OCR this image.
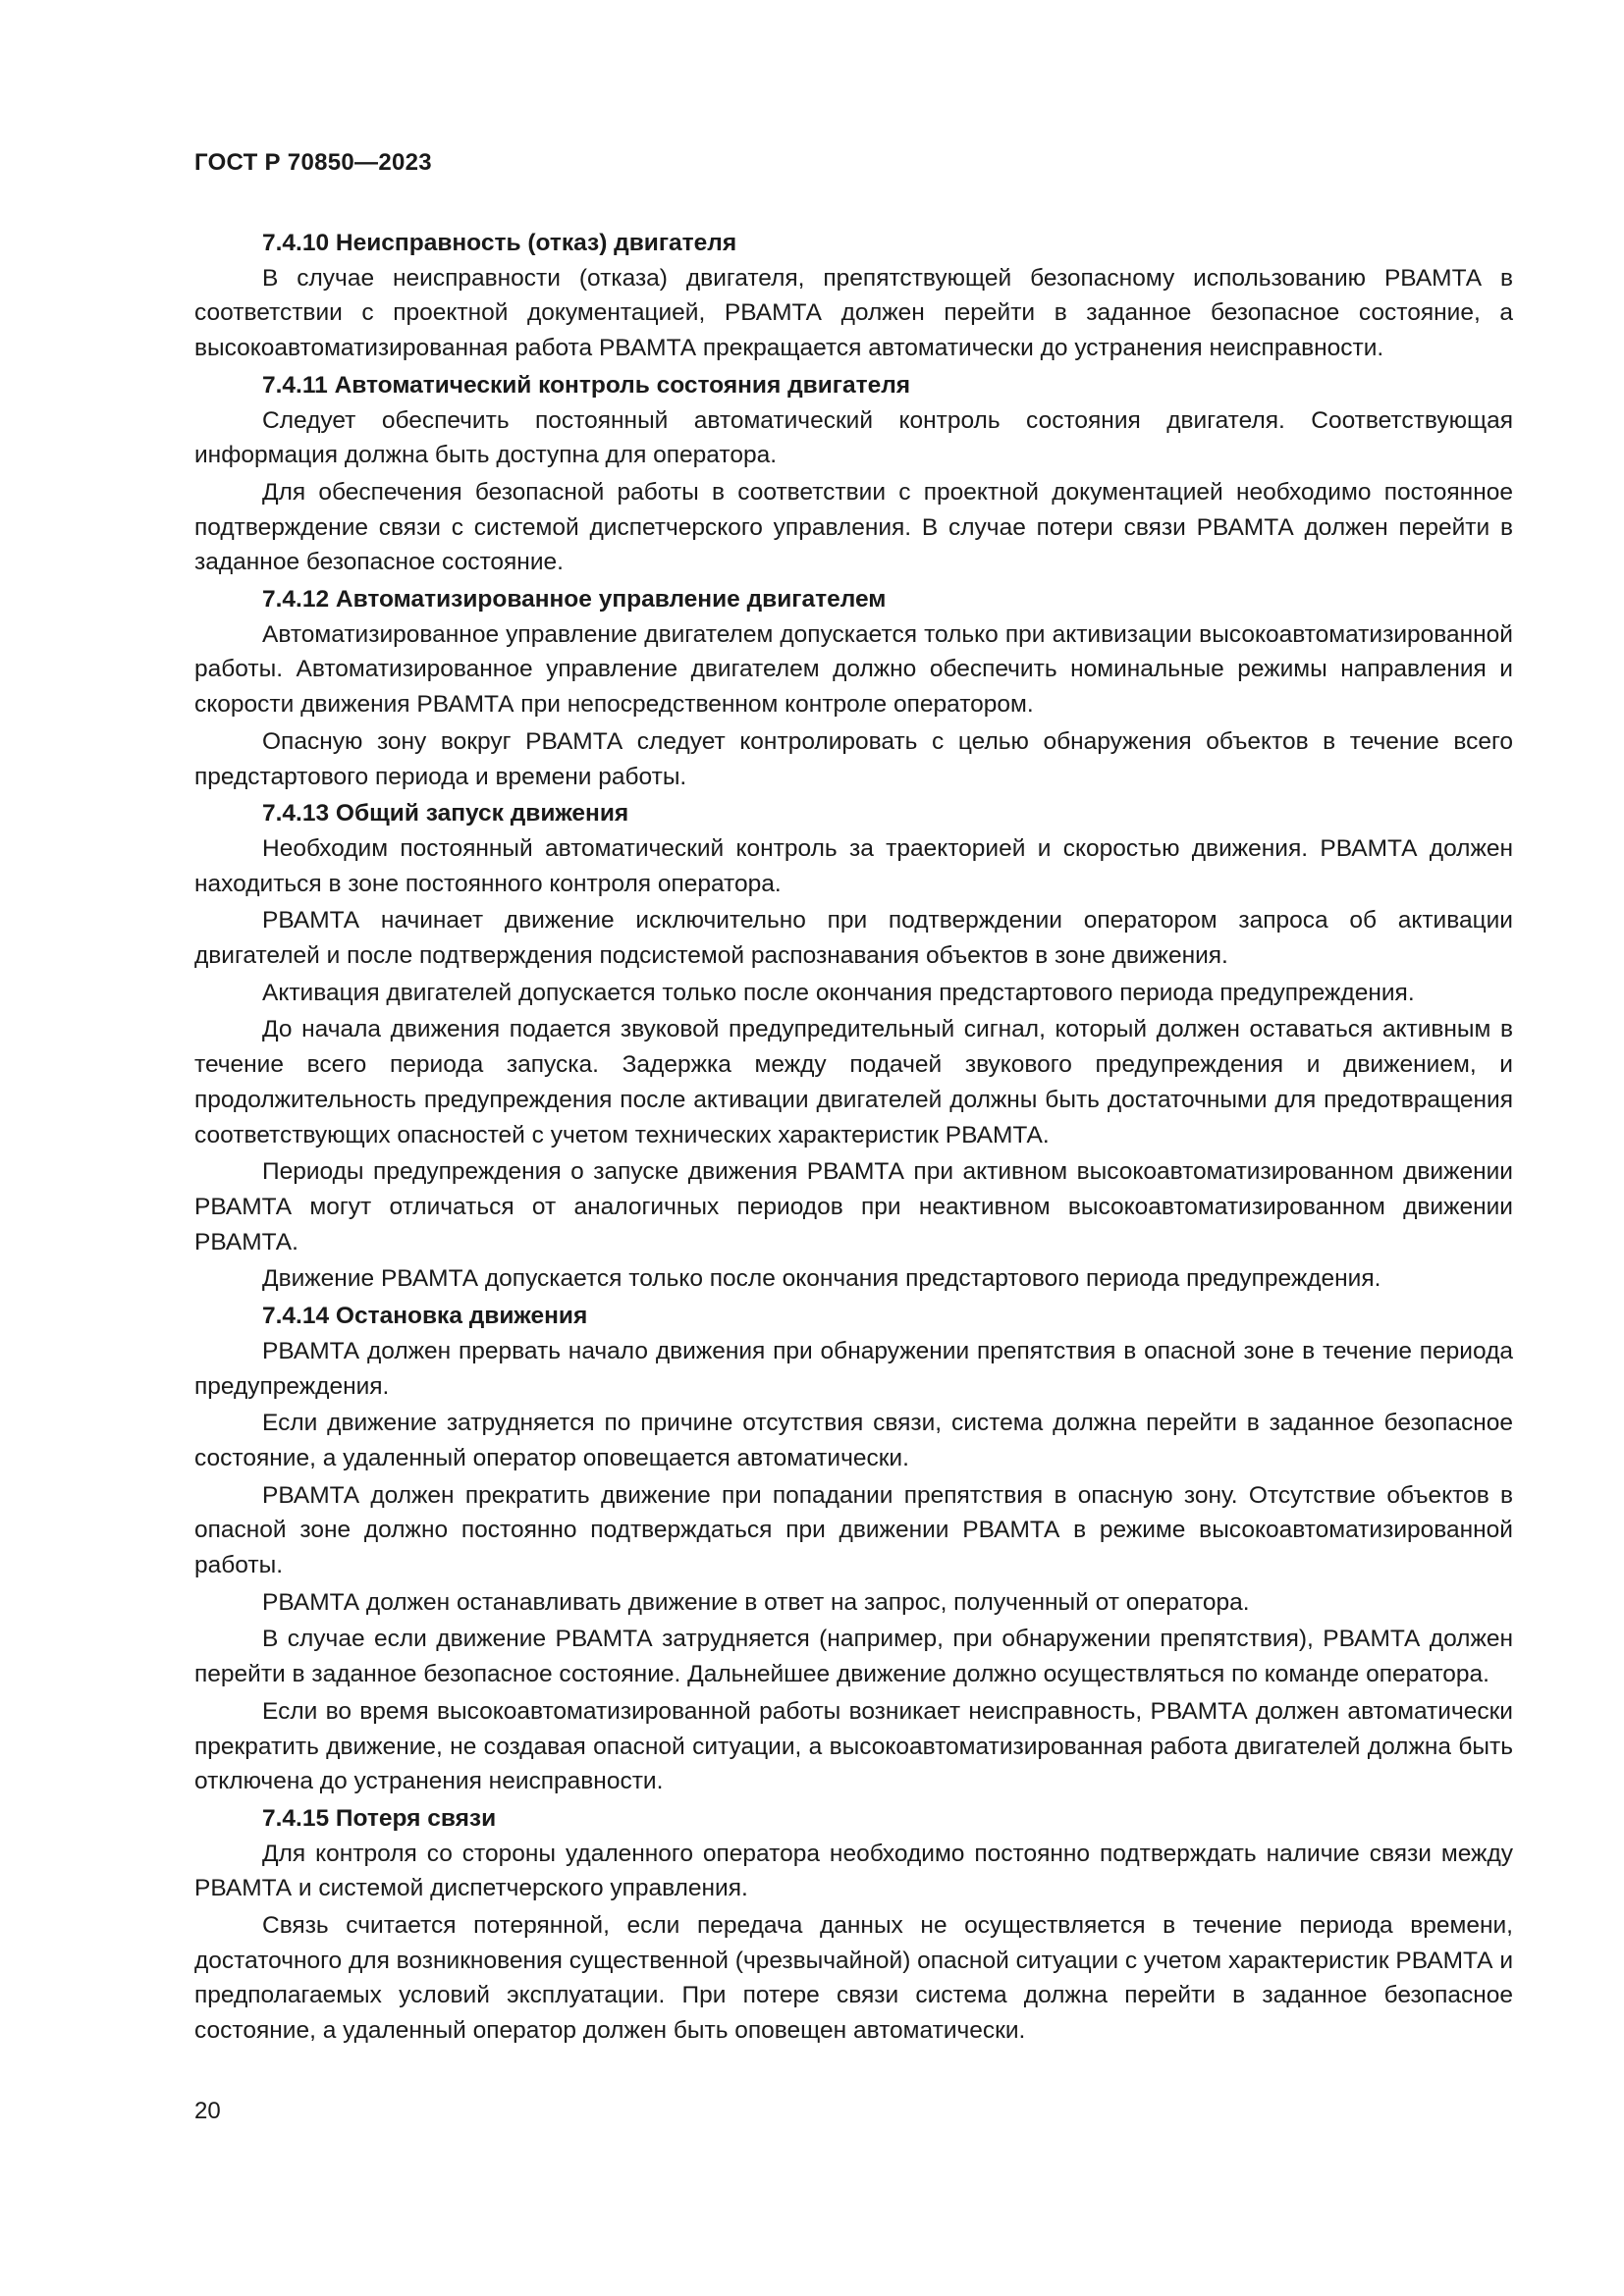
ГОСТ Р 70850—2023

7.4.10 Неисправность (отказ) двигателя

В случае неисправности (отказа) двигателя, препятствующей безопасному использованию РВАМТА в соответствии с проектной документацией, РВАМТА должен перейти в заданное безопасное состояние, а высокоавтоматизированная работа РВАМТА прекращается автоматически до устранения неисправности.

7.4.11 Автоматический контроль состояния двигателя

Следует обеспечить постоянный автоматический контроль состояния двигателя. Соответствующая информация должна быть доступна для оператора.

Для обеспечения безопасной работы в соответствии с проектной документацией необходимо постоянное подтверждение связи с системой диспетчерского управления. В случае потери связи РВАМТА должен перейти в заданное безопасное состояние.

7.4.12 Автоматизированное управление двигателем

Автоматизированное управление двигателем допускается только при активизации высокоавтоматизированной работы. Автоматизированное управление двигателем должно обеспечить номинальные режимы направления и скорости движения РВАМТА при непосредственном контроле оператором.

Опасную зону вокруг РВАМТА следует контролировать с целью обнаружения объектов в течение всего предстартового периода и времени работы.

7.4.13 Общий запуск движения

Необходим постоянный автоматический контроль за траекторией и скоростью движения. РВАМТА должен находиться в зоне постоянного контроля оператора.

РВАМТА начинает движение исключительно при подтверждении оператором запроса об активации двигателей и после подтверждения подсистемой распознавания объектов в зоне движения.

Активация двигателей допускается только после окончания предстартового периода предупреждения.

До начала движения подается звуковой предупредительный сигнал, который должен оставаться активным в течение всего периода запуска. Задержка между подачей звукового предупреждения и движением, и продолжительность предупреждения после активации двигателей должны быть достаточными для предотвращения соответствующих опасностей с учетом технических характеристик РВАМТА.

Периоды предупреждения о запуске движения РВАМТА при активном высокоавтоматизированном движении РВАМТА могут отличаться от аналогичных периодов при неактивном высокоавтоматизированном движении РВАМТА.

Движение РВАМТА допускается только после окончания предстартового периода предупреждения.

7.4.14 Остановка движения

РВАМТА должен прервать начало движения при обнаружении препятствия в опасной зоне в течение периода предупреждения.

Если движение затрудняется по причине отсутствия связи, система должна перейти в заданное безопасное состояние, а удаленный оператор оповещается автоматически.

РВАМТА должен прекратить движение при попадании препятствия в опасную зону. Отсутствие объектов в опасной зоне должно постоянно подтверждаться при движении РВАМТА в режиме высокоавтоматизированной работы.

РВАМТА должен останавливать движение в ответ на запрос, полученный от оператора.

В случае если движение РВАМТА затрудняется (например, при обнаружении препятствия), РВАМТА должен перейти в заданное безопасное состояние. Дальнейшее движение должно осуществляться по команде оператора.

Если во время высокоавтоматизированной работы возникает неисправность, РВАМТА должен автоматически прекратить движение, не создавая опасной ситуации, а высокоавтоматизированная работа двигателей должна быть отключена до устранения неисправности.

7.4.15 Потеря связи

Для контроля со стороны удаленного оператора необходимо постоянно подтверждать наличие связи между РВАМТА и системой диспетчерского управления.

Связь считается потерянной, если передача данных не осуществляется в течение периода времени, достаточного для возникновения существенной (чрезвычайной) опасной ситуации с учетом характеристик РВАМТА и предполагаемых условий эксплуатации. При потере связи система должна перейти в заданное безопасное состояние, а удаленный оператор должен быть оповещен автоматически.

20
